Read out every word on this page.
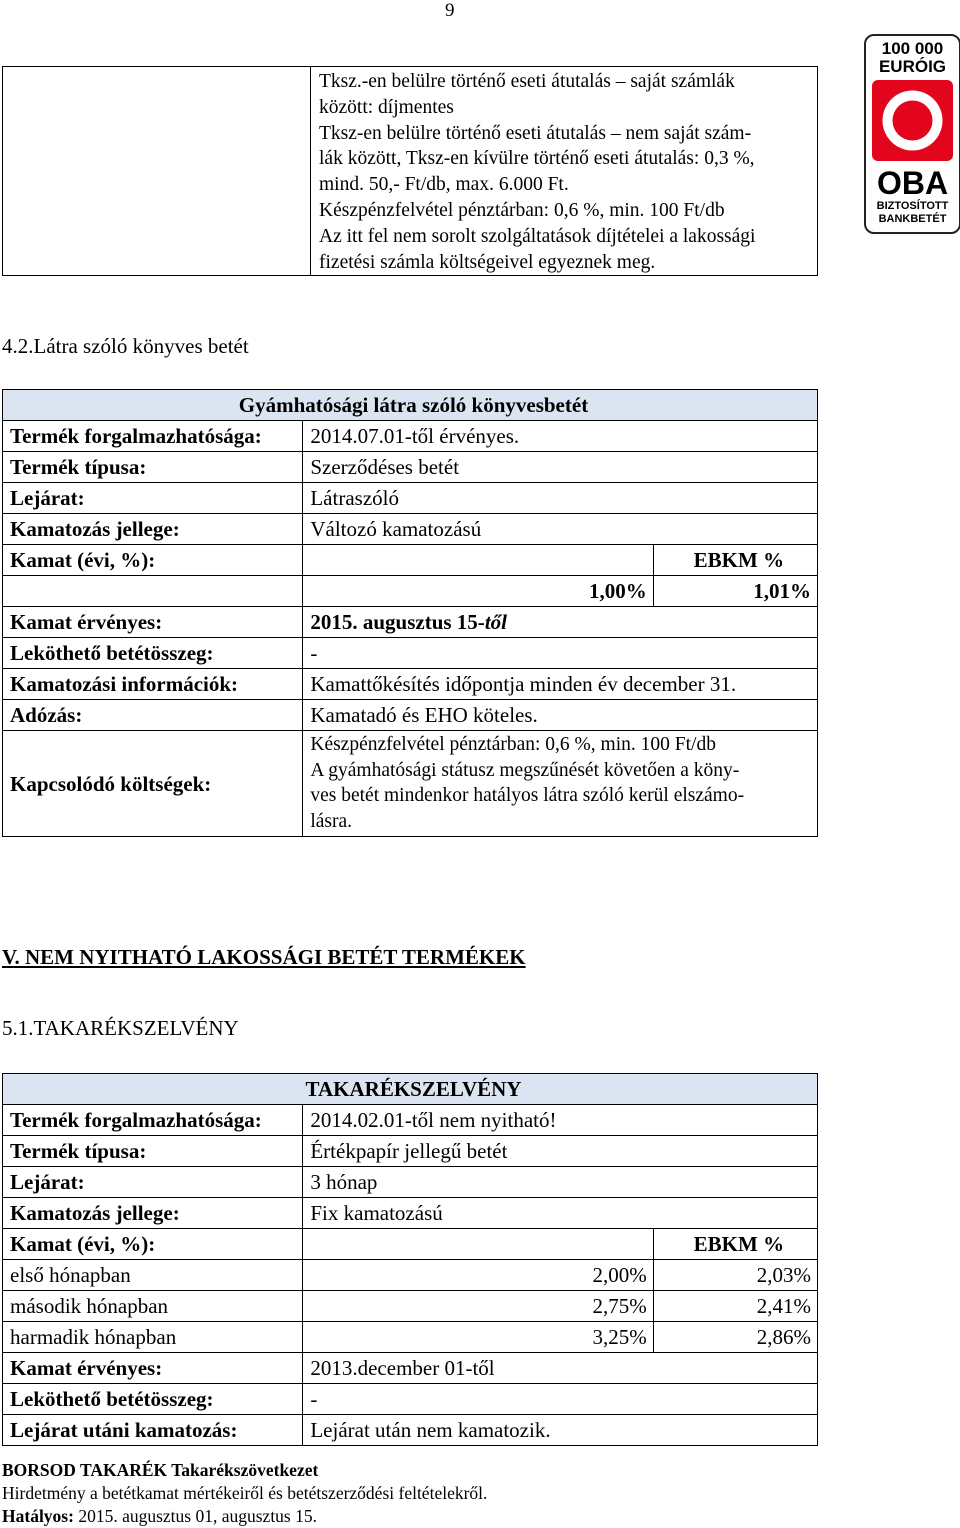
9

Tksz.-en belülre történő eseti átutalás – saját számlák
között: díjmentes
Tksz-en belülre történő eseti átutalás – nem saját szám-
lák között, Tksz-en kívülre történő eseti átutalás: 0,3 %,
mind. 50,- Ft/db, max. 6.000 Ft.
Készpénzfelvétel pénztárban: 0,6 %, min. 100 Ft/db
Az itt fel nem sorolt szolgáltatások díjtételei a lakossági
fizetési számla költségeivel egyeznek meg.
100 000
EURÓIG
OBA
BIZTOSÍTOTT
BANKBETÉT
4.2.Látra szóló könyves betét
Gyámhatósági látra szóló könyvesbetét		
Termék forgalmazhatósága:	2014.07.01-től érvényes.	
Termék típusa:	Szerződéses betét	
Lejárat:	Látraszóló	
Kamatozás jellege:	Változó kamatozású	
Kamat (évi, %):		EBKM %
	1,00%	1,01%
Kamat érvényes:	2015. augusztus 15-től	
Leköthető betétösszeg:	-	
Kamatozási információk:	Kamattőkésítés időpontja minden év december 31.	
Adózás:	Kamatadó és EHO köteles.	
Kapcsolódó költségek:	Készpénzfelvétel pénztárban: 0,6 %, min. 100 Ft/db
A gyámhatósági státusz megszűnését követően a köny-
ves betét mindenkor hatályos látra szóló kerül elszámo-
lásra.	
V. NEM NYITHATÓ LAKOSSÁGI BETÉT TERMÉKEK
5.1.TAKARÉKSZELVÉNY
TAKARÉKSZELVÉNY		
Termék forgalmazhatósága:	2014.02.01-től nem nyitható!	
Termék típusa:	Értékpapír jellegű betét	
Lejárat:	3 hónap	
Kamatozás jellege:	Fix kamatozású	
Kamat (évi, %):		EBKM %
első hónapban	2,00%	2,03%
második hónapban	2,75%	2,41%
harmadik hónapban	3,25%	2,86%
Kamat érvényes:	2013.december 01-től	
Leköthető betétösszeg:	-	
Lejárat utáni kamatozás:	Lejárat után nem kamatozik.	
BORSOD TAKARÉK Takarékszövetkezet
Hirdetmény a betétkamat mértékeiről és betétszerződési feltételekről.
Hatályos: 2015. augusztus 01, augusztus 15.
